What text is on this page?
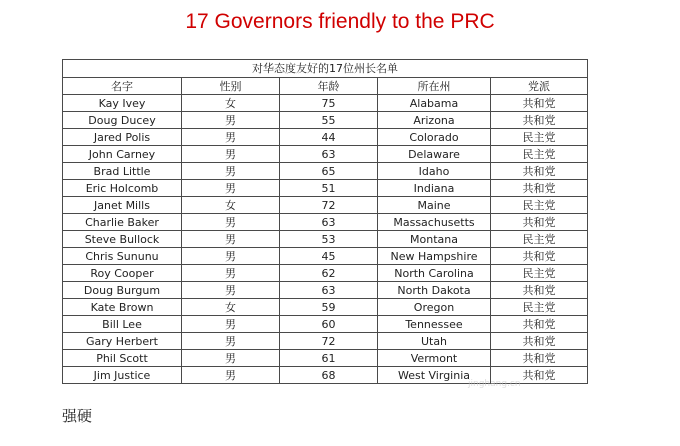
17 Governors friendly to the PRC
对华态度友好的17位州长名单				
名字	性别	年龄	所在州	党派
Kay Ivey	女	75	Alabama	共和党
Doug Ducey	男	55	Arizona	共和党
Jared Polis	男	44	Colorado	民主党
John Carney	男	63	Delaware	民主党
Brad Little	男	65	Idaho	共和党
Eric Holcomb	男	51	Indiana	共和党
Janet Mills	女	72	Maine	民主党
Charlie Baker	男	63	Massachusetts	共和党
Steve Bullock	男	53	Montana	民主党
Chris Sununu	男	45	New Hampshire	共和党
Roy Cooper	男	62	North Carolina	民主党
Doug Burgum	男	63	North Dakota	共和党
Kate Brown	女	59	Oregon	民主党
Bill Lee	男	60	Tennessee	共和党
Gary Herbert	男	72	Utah	共和党
Phil Scott	男	61	Vermont	共和党
Jim Justice	男	68	West Virginia	共和党
jinghang.cn
强硬
